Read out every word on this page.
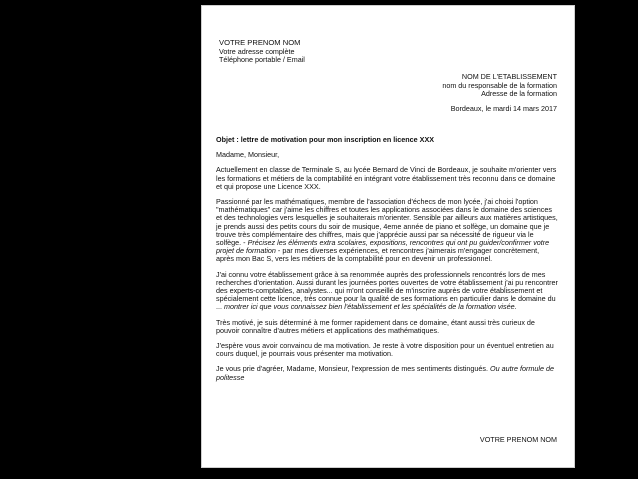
VOTRE PRENOM NOM
Votre adresse complète
Téléphone portable / Email
NOM DE L'ETABLISSEMENT
nom du responsable de la formation
Adresse de la formation
Bordeaux, le mardi 14 mars 2017
Objet : lettre de motivation pour mon inscription en licence XXX
Madame, Monsieur,

Actuellement en classe de Terminale S, au lycée Bernard de Vinci de Bordeaux, je souhaite m'orienter vers les formations et métiers de la comptabilité en intégrant votre établissement très reconnu dans ce domaine et qui propose une Licence XXX.

Passionné par les mathématiques, membre de l'association d'échecs de mon lycée, j'ai choisi l'option "mathématiques" car j'aime les chiffres et toutes les applications associées dans le domaine des sciences et des technologies vers lesquelles je souhaiterais m'orienter. Sensible par ailleurs aux matières artistiques, je prends aussi des petits cours du soir de musique, 4eme année de piano et solfège, un domaine que je trouve très complémentaire des chiffres, mais que j'apprécie aussi par sa nécessité de rigueur via le solfège. - Précisez les éléments extra scolaires, expositions, rencontres qui ont pu guider/confirmer votre projet de formation - par mes diverses expériences, et rencontres j'aimerais m'engager concrètement, après mon Bac S, vers les métiers de la comptabilité pour en devenir un professionnel.

J'ai connu votre établissement grâce à sa renommée auprès des professionnels rencontrés lors de mes recherches d'orientation. Aussi durant les journées portes ouvertes de votre établissement j'ai pu rencontrer des experts-comptables, analystes... qui m'ont conseillé de m'inscrire auprès de votre établissement et spécialement cette licence, très connue pour la qualité de ses formations en particulier dans le domaine du ... montrer ici que vous connaissez bien l'établissement et les spécialités de la formation visée.

Très motivé, je suis déterminé à me former rapidement dans ce domaine, étant aussi très curieux de pouvoir connaître d'autres métiers et applications des mathématiques.

J'espère vous avoir convaincu de ma motivation. Je reste à votre disposition pour un éventuel entretien au cours duquel, je pourrais vous présenter ma motivation.

Je vous prie d'agréer, Madame, Monsieur, l'expression de mes sentiments distingués. Ou autre formule de politesse

VOTRE PRENOM NOM
